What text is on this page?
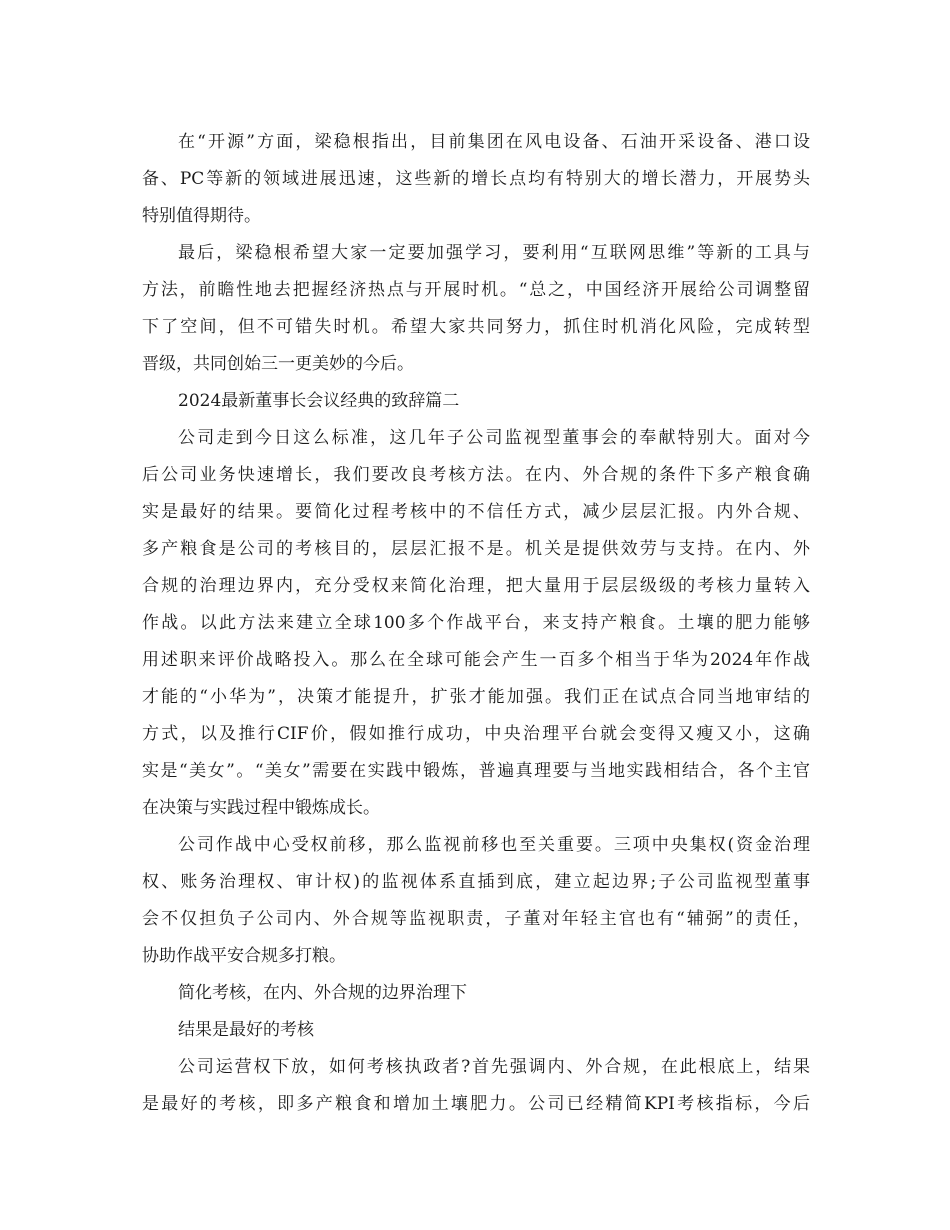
在“开源”方面，梁稳根指出，目前集团在风电设备、石油开采设备、港口设
备、PC等新的领域进展迅速，这些新的增长点均有特别大的增长潜力，开展势头
特别值得期待。
最后，梁稳根希望大家一定要加强学习，要利用“互联网思维”等新的工具与
方法，前瞻性地去把握经济热点与开展时机。“总之，中国经济开展给公司调整留
下了空间，但不可错失时机。希望大家共同努力，抓住时机消化风险，完成转型
晋级，共同创始三一更美妙的今后。
2024最新董事长会议经典的致辞篇二
公司走到今日这么标准，这几年子公司监视型董事会的奉献特别大。面对今
后公司业务快速增长，我们要改良考核方法。在内、外合规的条件下多产粮食确
实是最好的结果。要简化过程考核中的不信任方式，减少层层汇报。内外合规、
多产粮食是公司的考核目的，层层汇报不是。机关是提供效劳与支持。在内、外
合规的治理边界内，充分受权来简化治理，把大量用于层层级级的考核力量转入
作战。以此方法来建立全球100多个作战平台，来支持产粮食。土壤的肥力能够
用述职来评价战略投入。那么在全球可能会产生一百多个相当于华为2024年作战
才能的“小华为”，决策才能提升，扩张才能加强。我们正在试点合同当地审结的
方式，以及推行CIF价，假如推行成功，中央治理平台就会变得又瘦又小，这确
实是“美女”。“美女”需要在实践中锻炼，普遍真理要与当地实践相结合，各个主官
在决策与实践过程中锻炼成长。
公司作战中心受权前移，那么监视前移也至关重要。三项中央集权(资金治理
权、账务治理权、审计权)的监视体系直插到底，建立起边界;子公司监视型董事
会不仅担负子公司内、外合规等监视职责，子董对年轻主官也有“辅弼”的责任，
协助作战平安合规多打粮。
简化考核，在内、外合规的边界治理下
结果是最好的考核
公司运营权下放，如何考核执政者?首先强调内、外合规，在此根底上，结果
是最好的考核，即多产粮食和增加土壤肥力。公司已经精简KPI考核指标，今后
